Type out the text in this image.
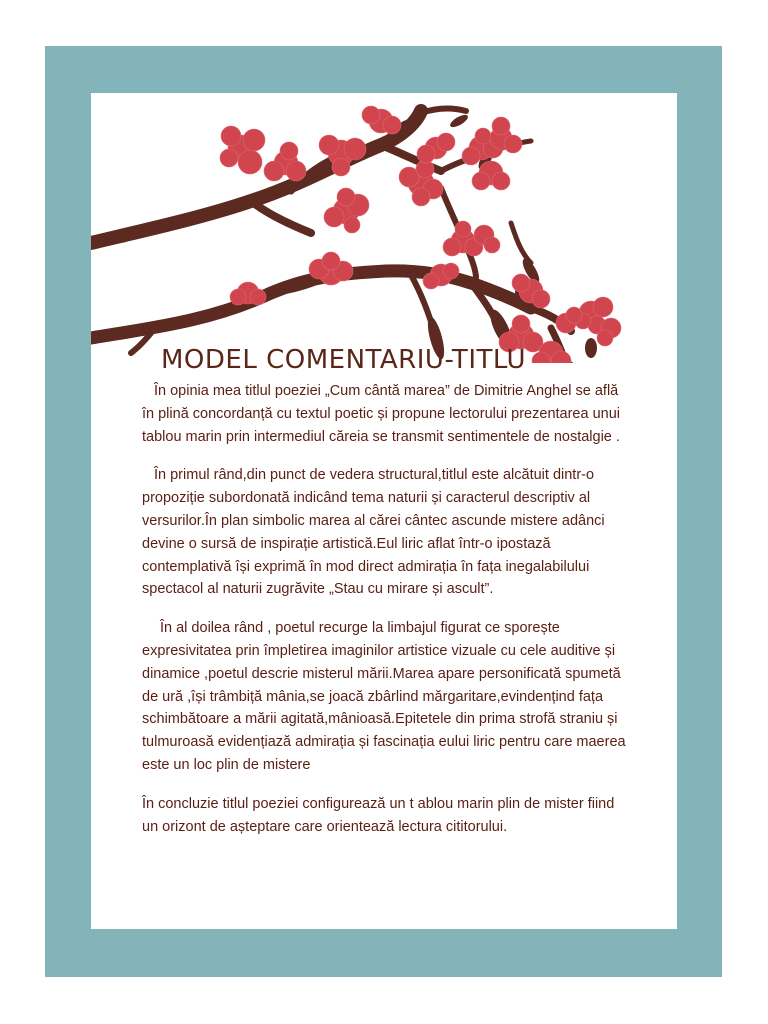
MODEL COMENTARIU-TITLU

În opinia mea titlul poeziei „Cum cântă marea” de Dimitrie Anghel se află în plină concordanță cu textul poetic și propune lectorului prezentarea unui tablou marin prin intermediul căreia se transmit sentimentele de nostalgie .

În primul rând,din punct de vedera structural,titlul este alcătuit dintr-o propoziție subordonată indicând tema naturii și caracterul descriptiv al versurilor.În plan simbolic marea al cărei cântec ascunde mistere adânci devine o sursă de inspirație artistică.Eul liric aflat într-o ipostază contemplativă își exprimă în mod direct admirația în fața inegalabilului spectacol al naturii zugrăvite „Stau cu mirare și ascult”.

În al doilea rând , poetul recurge la limbajul figurat ce sporește expresivitatea prin împletirea imaginilor artistice vizuale cu cele auditive și dinamice ,poetul descrie misterul mării.Marea apare personificată spumetă de ură ,își trâmbiță mânia,se joacă zbârlind mărgaritare,evindențind fața schimbătoare a mării agitată,mânioasă.Epitetele din prima strofă straniu și tulmuroasă evidențiază admirația și fascinația eului liric pentru care maerea este un loc plin de mistere

În concluzie titlul poeziei configurează un t ablou marin plin de mister fiind un orizont de așteptare care orientează lectura cititorului.
